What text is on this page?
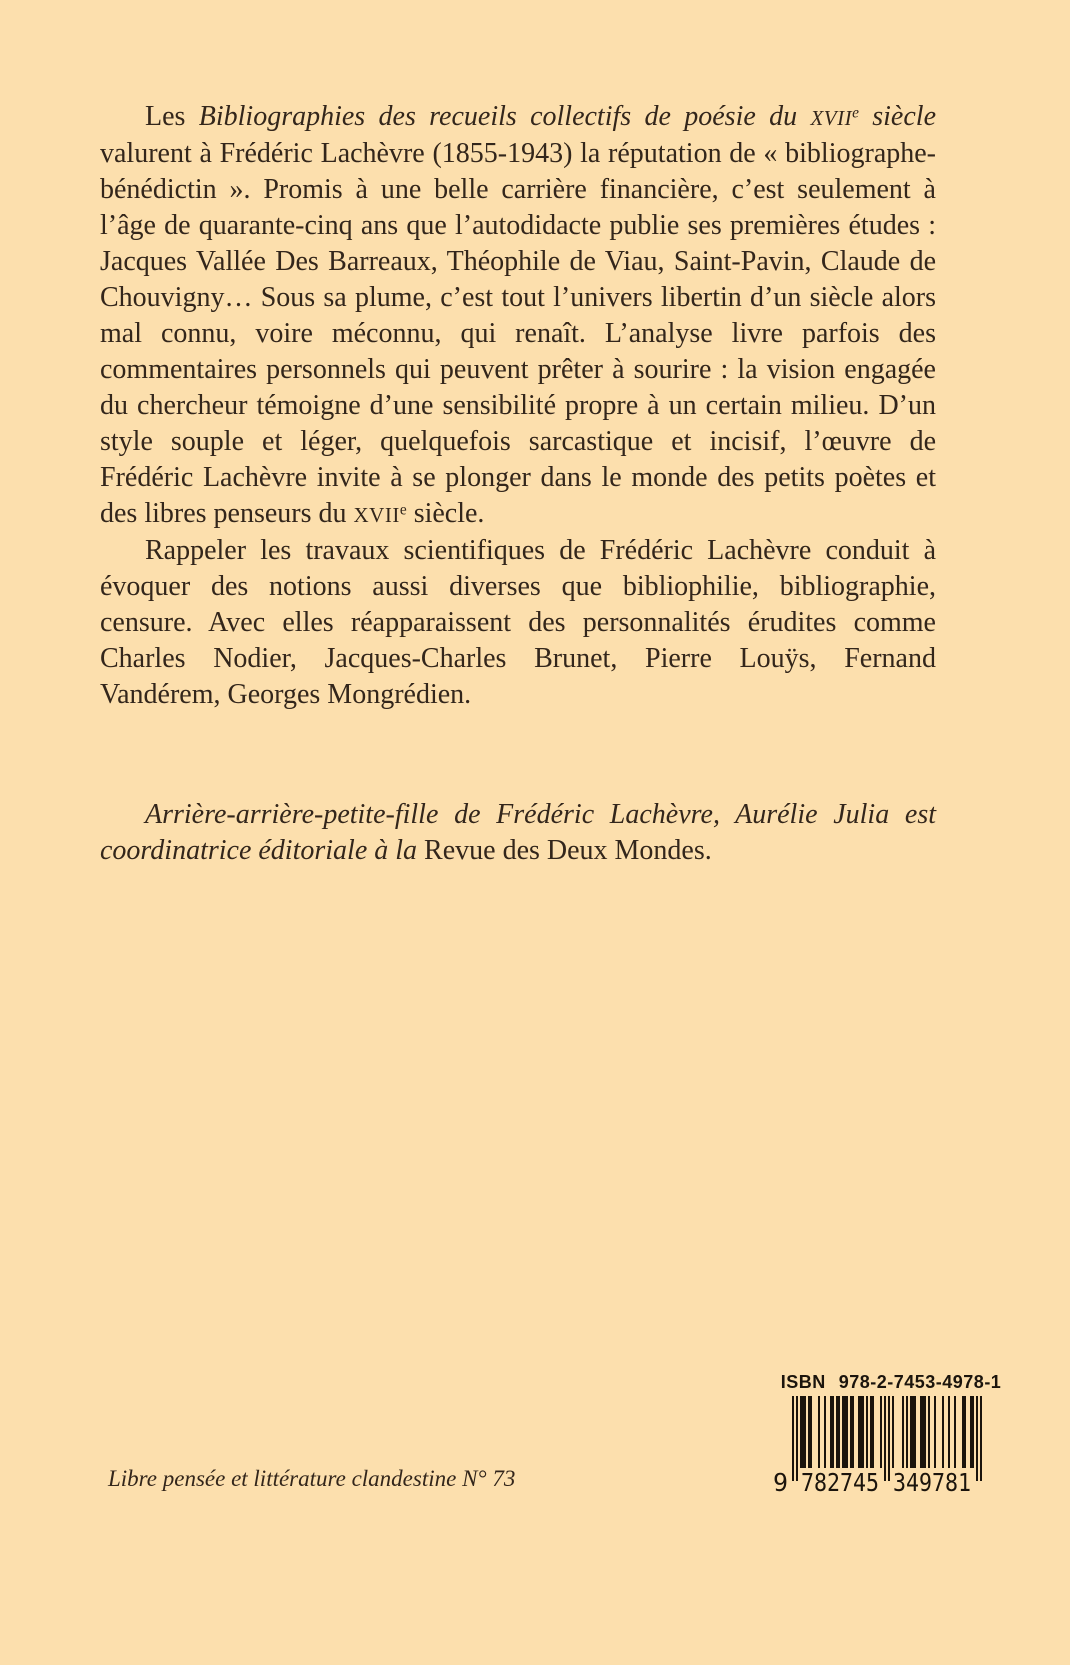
Les Bibliographies des recueils collectifs de poésie du XVIIe siècle valurent à Frédéric Lachèvre (1855-1943) la réputation de « bibliographe-bénédictin ». Promis à une belle carrière financière, c’est seulement à l’âge de quarante-cinq ans que l’autodidacte publie ses premières études : Jacques Vallée Des Barreaux, Théophile de Viau, Saint-Pavin, Claude de Chouvigny… Sous sa plume, c’est tout l’univers libertin d’un siècle alors mal connu, voire méconnu, qui renaît. L’analyse livre parfois des commentaires personnels qui peuvent prêter à sourire : la vision engagée du chercheur témoigne d’une sensibilité propre à un certain milieu. D’un style souple et léger, quelquefois sarcastique et incisif, l’œuvre de Frédéric Lachèvre invite à se plonger dans le monde des petits poètes et des libres penseurs du XVIIe siècle.

Rappeler les travaux scientifiques de Frédéric Lachèvre conduit à évoquer des notions aussi diverses que bibliophilie, bibliographie, censure. Avec elles réapparaissent des personnalités érudites comme Charles Nodier, Jacques-Charles Brunet, Pierre Louÿs, Fernand Vandérem, Georges Mongrédien.

Arrière-arrière-petite-fille de Frédéric Lachèvre, Aurélie Julia est coordinatrice éditoriale à la Revue des Deux Mondes.

Libre pensée et littérature clandestine N° 73
ISBN 978-2-7453-4978-1
9 782745 349781
